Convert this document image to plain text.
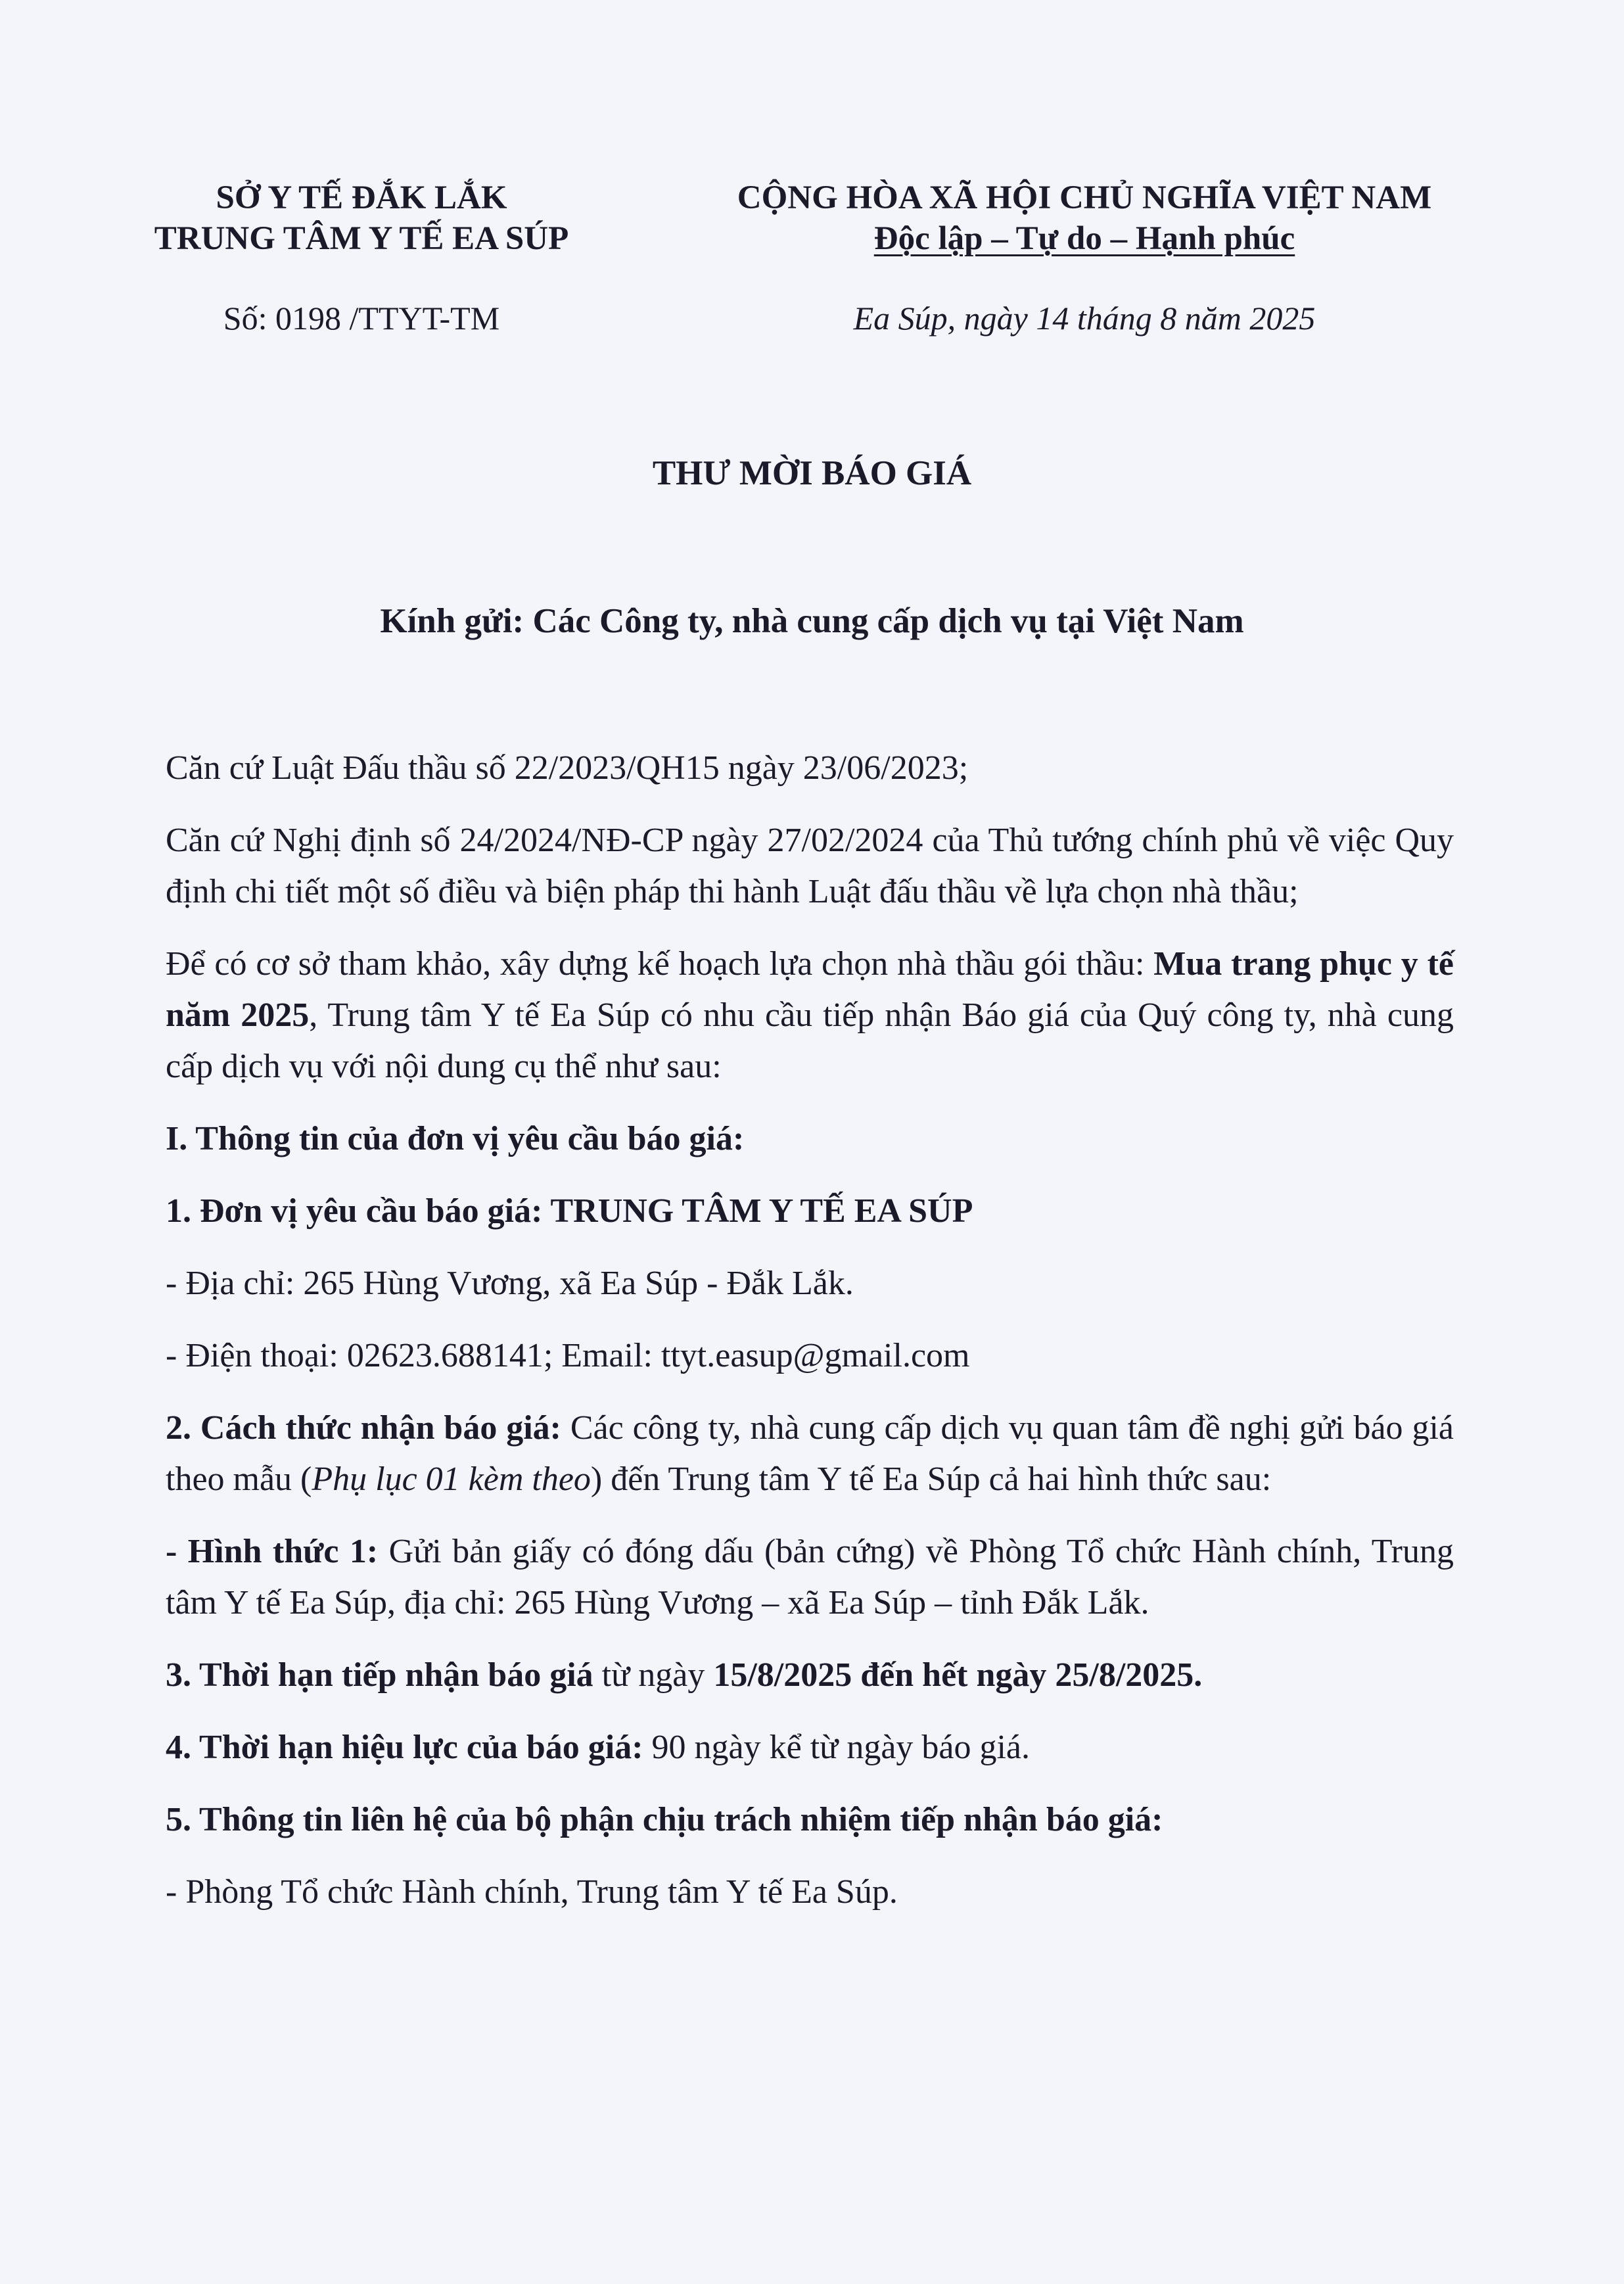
SỞ Y TẾ ĐẮK LẮK
TRUNG TÂM Y TẾ EA SÚP
CỘNG HÒA XÃ HỘI CHỦ NGHĨA VIỆT NAM
Độc lập – Tự do – Hạnh phúc
Số: 0198 /TTYT-TM	Ea Súp, ngày 14 tháng 8 năm 2025
THƯ MỜI BÁO GIÁ
Kính gửi: Các Công ty, nhà cung cấp dịch vụ tại Việt Nam

Căn cứ Luật Đấu thầu số 22/2023/QH15 ngày 23/06/2023;

Căn cứ Nghị định số 24/2024/NĐ-CP ngày 27/02/2024 của Thủ tướng chính phủ về việc Quy định chi tiết một số điều và biện pháp thi hành Luật đấu thầu về lựa chọn nhà thầu;

Để có cơ sở tham khảo, xây dựng kế hoạch lựa chọn nhà thầu gói thầu: Mua trang phục y tế năm 2025, Trung tâm Y tế Ea Súp có nhu cầu tiếp nhận Báo giá của Quý công ty, nhà cung cấp dịch vụ với nội dung cụ thể như sau:

I. Thông tin của đơn vị yêu cầu báo giá:

1. Đơn vị yêu cầu báo giá: TRUNG TÂM Y TẾ EA SÚP

- Địa chỉ: 265 Hùng Vương, xã Ea Súp - Đắk Lắk.

- Điện thoại: 02623.688141; Email: ttyt.easup@gmail.com

2. Cách thức nhận báo giá: Các công ty, nhà cung cấp dịch vụ quan tâm đề nghị gửi báo giá theo mẫu (Phụ lục 01 kèm theo) đến Trung tâm Y tế Ea Súp cả hai hình thức sau:

- Hình thức 1: Gửi bản giấy có đóng dấu (bản cứng) về Phòng Tổ chức Hành chính, Trung tâm Y tế Ea Súp, địa chỉ: 265 Hùng Vương – xã Ea Súp – tỉnh Đắk Lắk.

3. Thời hạn tiếp nhận báo giá từ ngày 15/8/2025 đến hết ngày 25/8/2025.

4. Thời hạn hiệu lực của báo giá: 90 ngày kể từ ngày báo giá.

5. Thông tin liên hệ của bộ phận chịu trách nhiệm tiếp nhận báo giá:

- Phòng Tổ chức Hành chính, Trung tâm Y tế Ea Súp.
